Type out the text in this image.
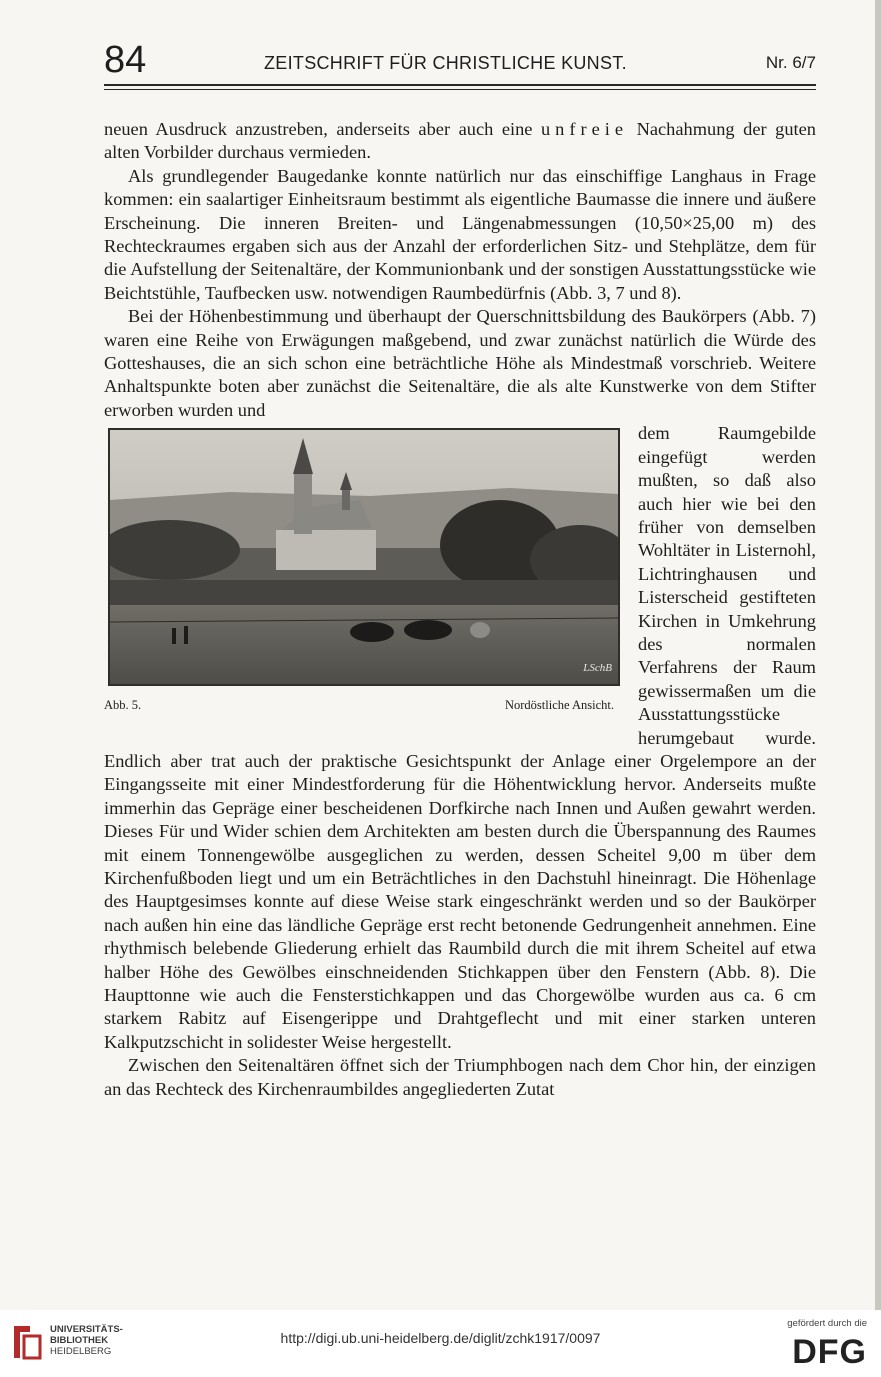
84	ZEITSCHRIFT FÜR CHRISTLICHE KUNST.	Nr. 6/7

neuen Ausdruck anzustreben, anderseits aber auch eine unfreie Nachahmung der guten alten Vorbilder durchaus vermieden.

Als grundlegender Baugedanke konnte natürlich nur das einschiffige Langhaus in Frage kommen: ein saalartiger Einheitsraum bestimmt als eigentliche Baumasse die innere und äußere Erscheinung. Die inneren Breiten- und Längenabmessungen (10,50×25,00 m) des Rechteckraumes ergaben sich aus der Anzahl der erforderlichen Sitz- und Stehplätze, dem für die Aufstellung der Seitenaltäre, der Kommunionbank und der sonstigen Ausstattungsstücke wie Beichtstühle, Taufbecken usw. notwendigen Raumbedürfnis (Abb. 3, 7 und 8).

Bei der Höhenbestimmung und überhaupt der Querschnittsbildung des Baukörpers (Abb. 7) waren eine Reihe von Erwägungen maßgebend, und zwar zunächst natürlich die Würde des Gotteshauses, die an sich schon eine beträchtliche Höhe als Mindestmaß vorschrieb. Weitere Anhaltspunkte boten aber zunächst die Seitenaltäre, die als alte Kunstwerke von dem Stifter erworben wurden und

LSchB
Abb. 5.	Nordöstliche Ansicht.

dem Raumgebilde eingefügt werden mußten, so daß also auch hier wie bei den früher von demselben Wohltäter in Listernohl, Lichtringhausen und Listerscheid gestifteten Kirchen in Umkehrung des normalen Verfahrens der Raum gewissermaßen um die Ausstattungsstücke herumgebaut wurde. Endlich aber trat auch der praktische Gesichtspunkt der Anlage einer Orgelempore an der Eingangsseite mit einer Mindestforderung für die Höhentwicklung hervor. Anderseits mußte immerhin das Gepräge einer bescheidenen Dorfkirche nach Innen und Außen gewahrt werden. Dieses Für und Wider schien dem Architekten am besten durch die Überspannung des Raumes mit einem Tonnengewölbe ausgeglichen zu werden, dessen Scheitel 9,00 m über dem Kirchenfußboden liegt und um ein Beträchtliches in den Dachstuhl hineinragt. Die Höhenlage des Hauptgesimses konnte auf diese Weise stark eingeschränkt werden und so der Baukörper nach außen hin eine das ländliche Gepräge erst recht betonende Gedrungenheit annehmen. Eine rhythmisch belebende Gliederung erhielt das Raumbild durch die mit ihrem Scheitel auf etwa halber Höhe des Gewölbes einschneidenden Stichkappen über den Fenstern (Abb. 8). Die Haupttonne wie auch die Fensterstichkappen und das Chorgewölbe wurden aus ca. 6 cm starkem Rabitz auf Eisengerippe und Drahtgeflecht und mit einer starken unteren Kalkputzschicht in solidester Weise hergestellt.

Zwischen den Seitenaltären öffnet sich der Triumphbogen nach dem Chor hin, der einzigen an das Rechteck des Kirchenraumbildes angegliederten Zutat

UNIVERSITÄTS-
BIBLIOTHEK
HEIDELBERG
http://digi.ub.uni-heidelberg.de/diglit/zchk1917/0097
gefördert durch die
DFG
